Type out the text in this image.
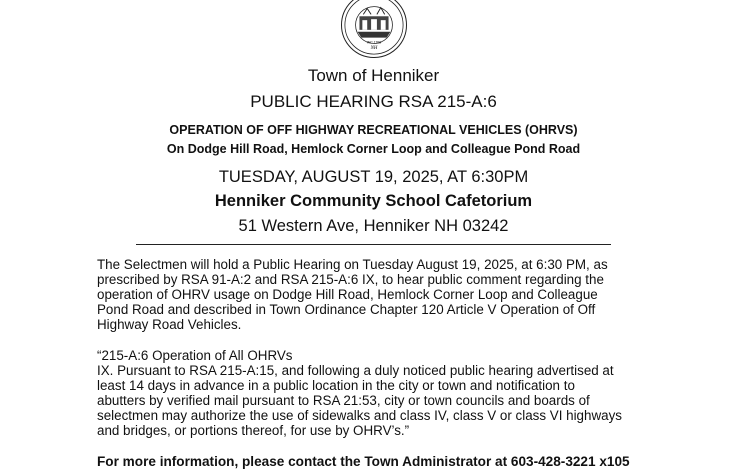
NH
INC 1768
Town of Henniker
PUBLIC HEARING RSA 215-A:6
OPERATION OF OFF HIGHWAY RECREATIONAL VEHICLES (OHRVS)
On Dodge Hill Road, Hemlock Corner Loop and Colleague Pond Road
TUESDAY, AUGUST 19, 2025, AT 6:30PM
Henniker Community School Cafetorium
51 Western Ave, Henniker NH 03242
The Selectmen will hold a Public Hearing on Tuesday August 19, 2025, at 6:30 PM, as
prescribed by RSA 91-A:2 and RSA 215-A:6 IX, to hear public comment regarding the
operation of OHRV usage on Dodge Hill Road, Hemlock Corner Loop and Colleague
Pond Road and described in Town Ordinance Chapter 120 Article V Operation of Off
Highway Road Vehicles.
“215-A:6 Operation of All OHRVs
IX. Pursuant to RSA 215-A:15, and following a duly noticed public hearing advertised at
least 14 days in advance in a public location in the city or town and notification to
abutters by verified mail pursuant to RSA 21:53, city or town councils and boards of
selectmen may authorize the use of sidewalks and class IV, class V or class VI highways
and bridges, or portions thereof, for use by OHRV’s.”
For more information, please contact the Town Administrator at 603-428-3221 x105
